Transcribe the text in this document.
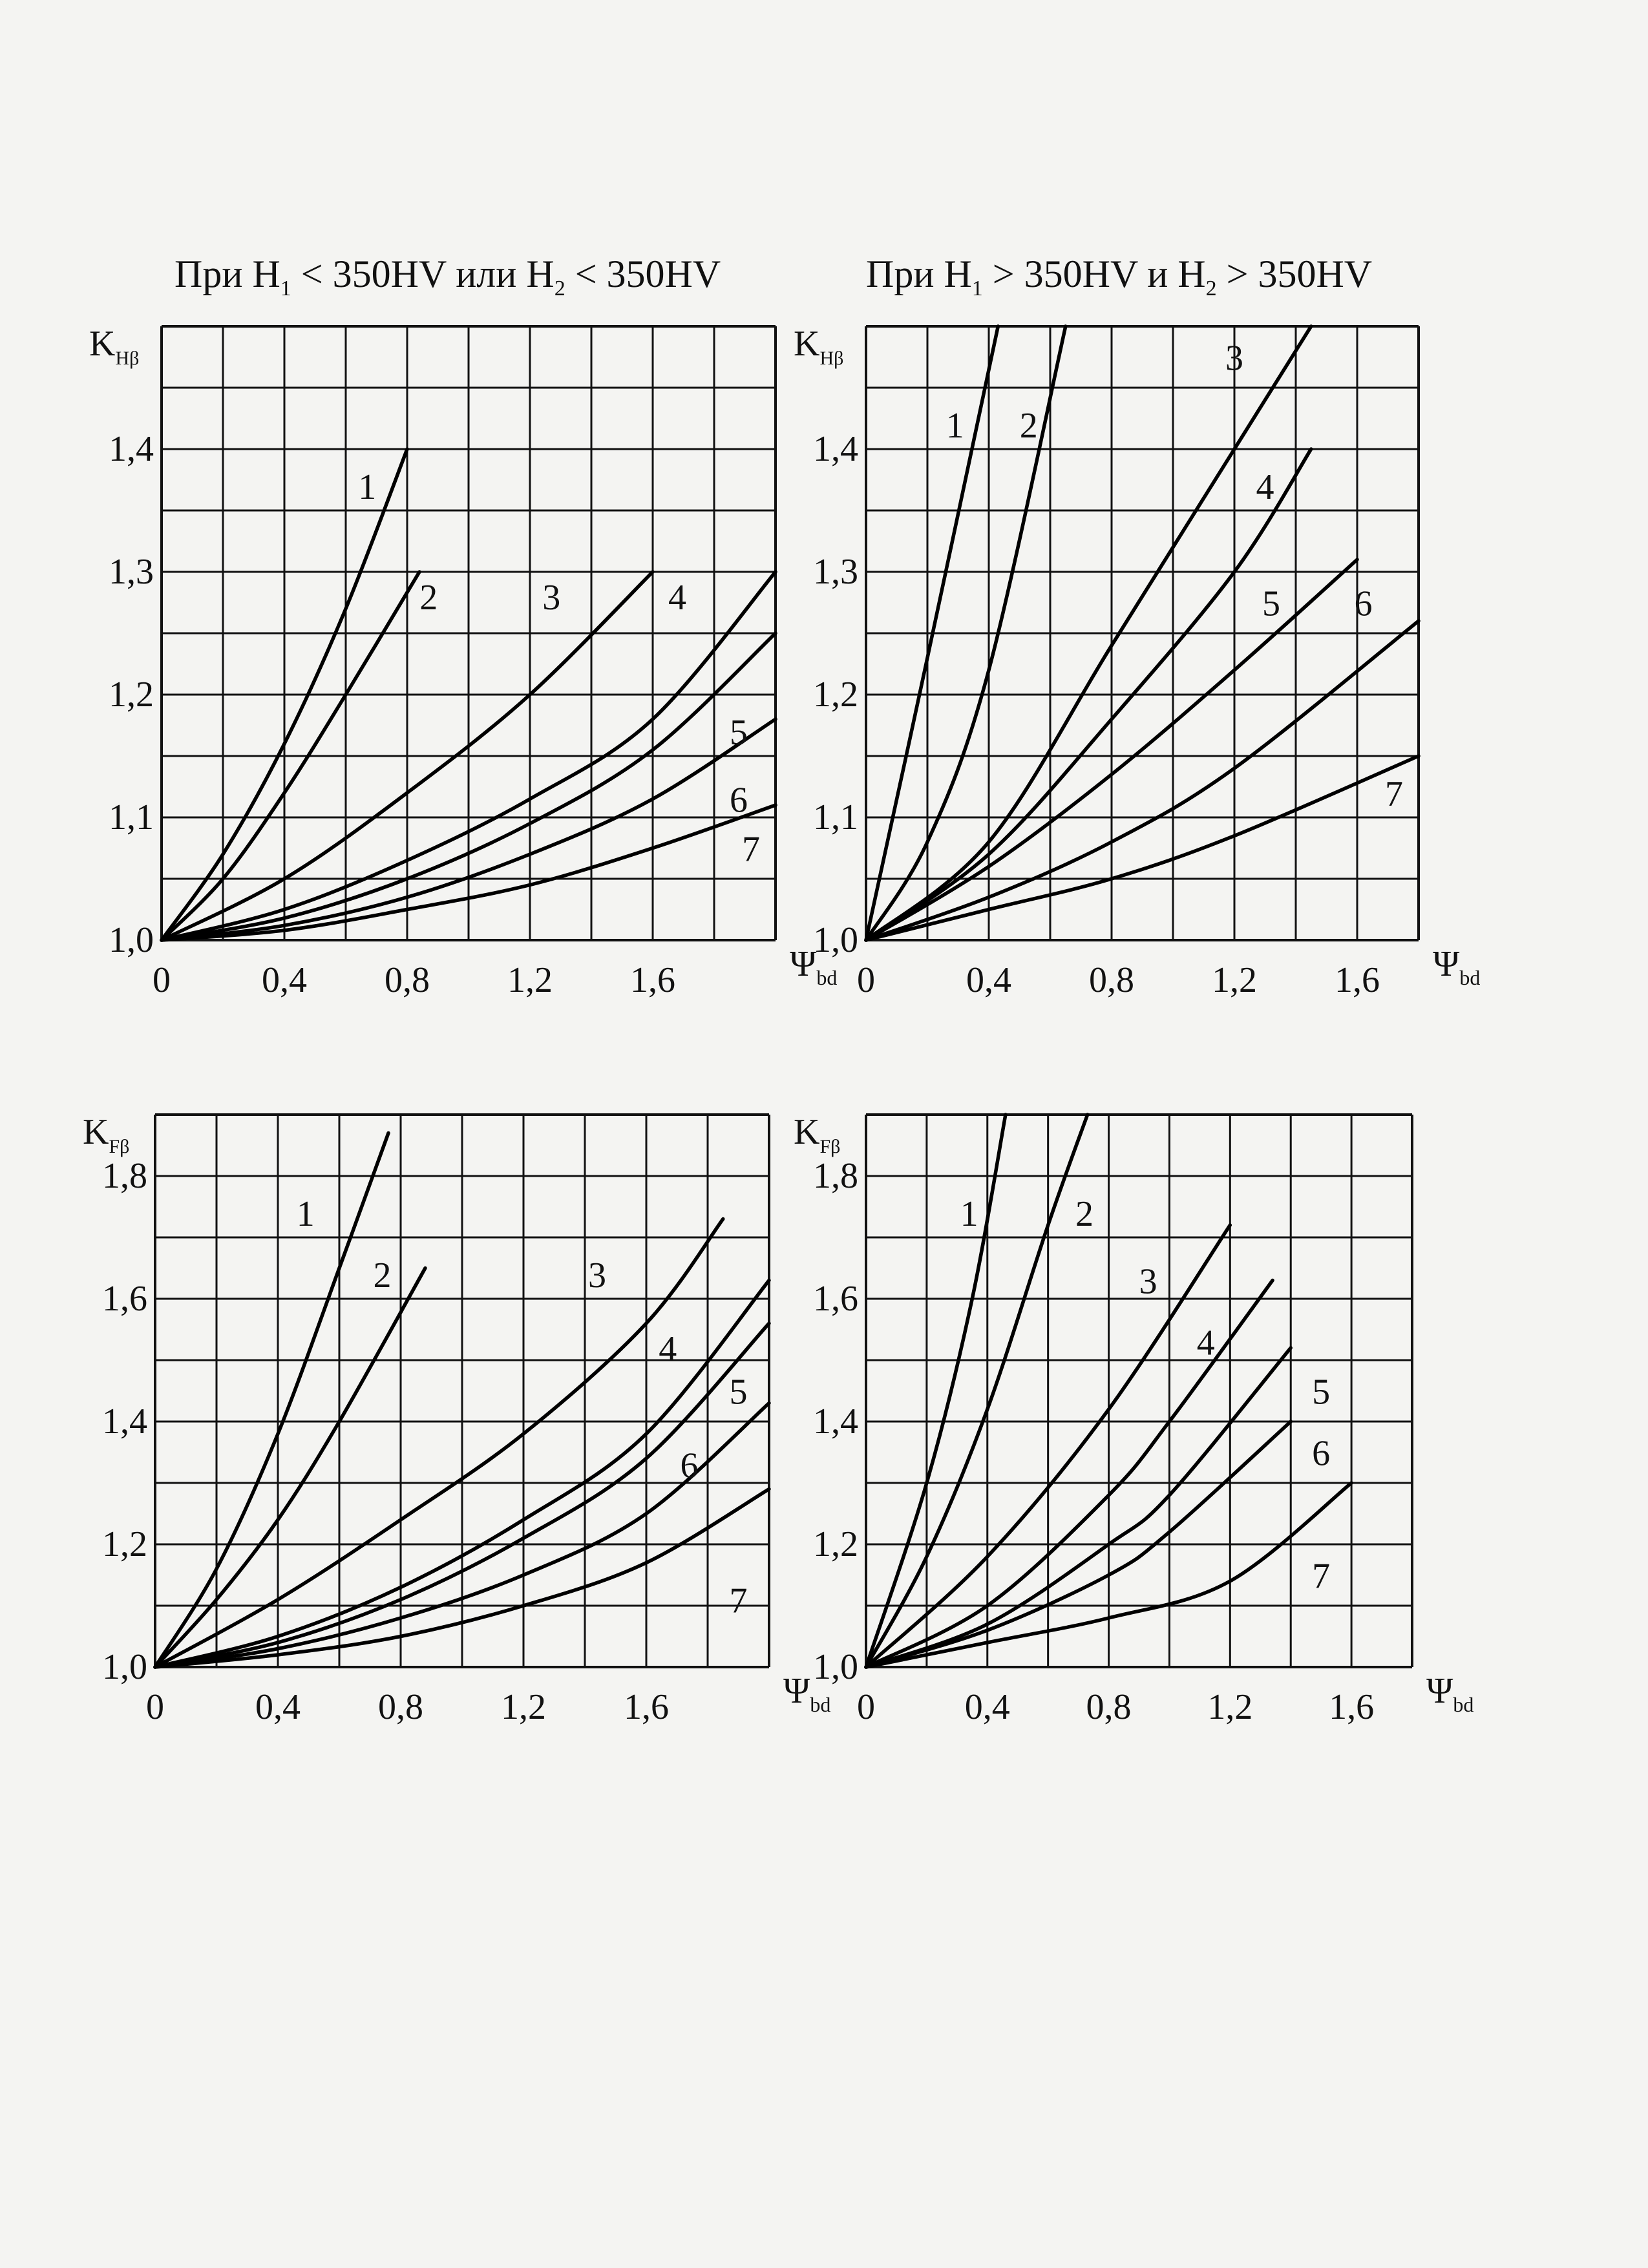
При $H_1 < 350HV$ или $H_2 < 350HV$	При $H_1 > 350HV$ и $H_2 > 350HV$
0	0,4 0,8 1,2 1,6
1,0
1,1
1,2
1,3
1,4
$K_{H\beta}$
$\Psi_{bd}$
1
2	3	4
5
6
7
0	0,4 0,8 1,2 1,6
1,0
1,1
1,2
1,3
1,4
$K_{H\beta}$
$\Psi_{bd}$
1 2
3
4
5 6
7
0	0,4 0,8 1,2 1,6
1,0
1,2
1,4
1,6
1,8
$K_{F\beta}$
$\Psi_{bd}$
1
2	3
4
5
6
7
0 0,4 0,8 1,2 1,6
1,0
1,2
1,4
1,6
1,8
$K_{F\beta}$
$\Psi_{bd}$
1	2
3
4
5
6
7
